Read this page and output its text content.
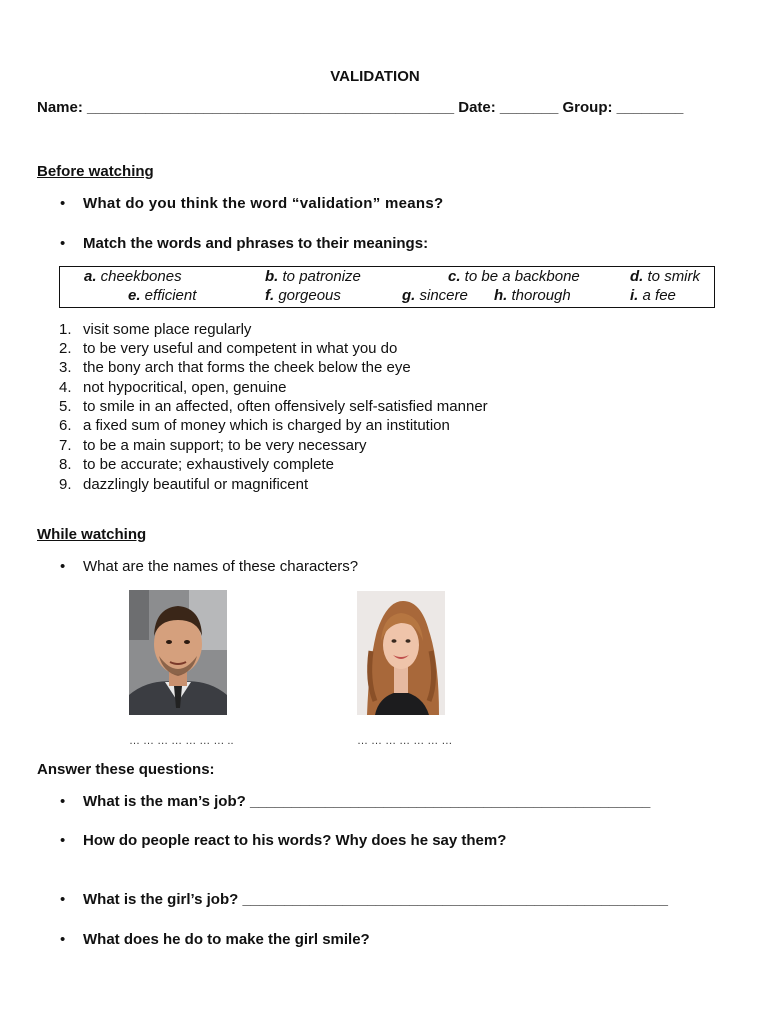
VALIDATION
Name: ____________________________________________ Date: _______ Group: ________
Before watching
• What do you think the word “validation” means?
• Match the words and phrases to their meanings:
a. cheekbones	b. to patronize	c. to be a backbone	d. to smirk
e. efficient	f. gorgeous	g. sincere h. thorough	i. a fee
1. visit some place regularly
2. to be very useful and competent in what you do
3. the bony arch that forms the cheek below the eye
4. not hypocritical, open, genuine
5. to smile in an affected, often offensively self-satisfied manner
6. a fixed sum of money which is charged by an institution
7. to be a main support; to be very necessary
8. to be accurate; exhaustively complete
9. dazzlingly beautiful or magnificent
While watching
• What are the names of these characters?
… … … … … … … ..	… … … … … … …
Answer these questions:
• What is the man’s job? ________________________________________________
• How do people react to his words? Why does he say them?
• What is the girl’s job? ___________________________________________________
• What does he do to make the girl smile?
